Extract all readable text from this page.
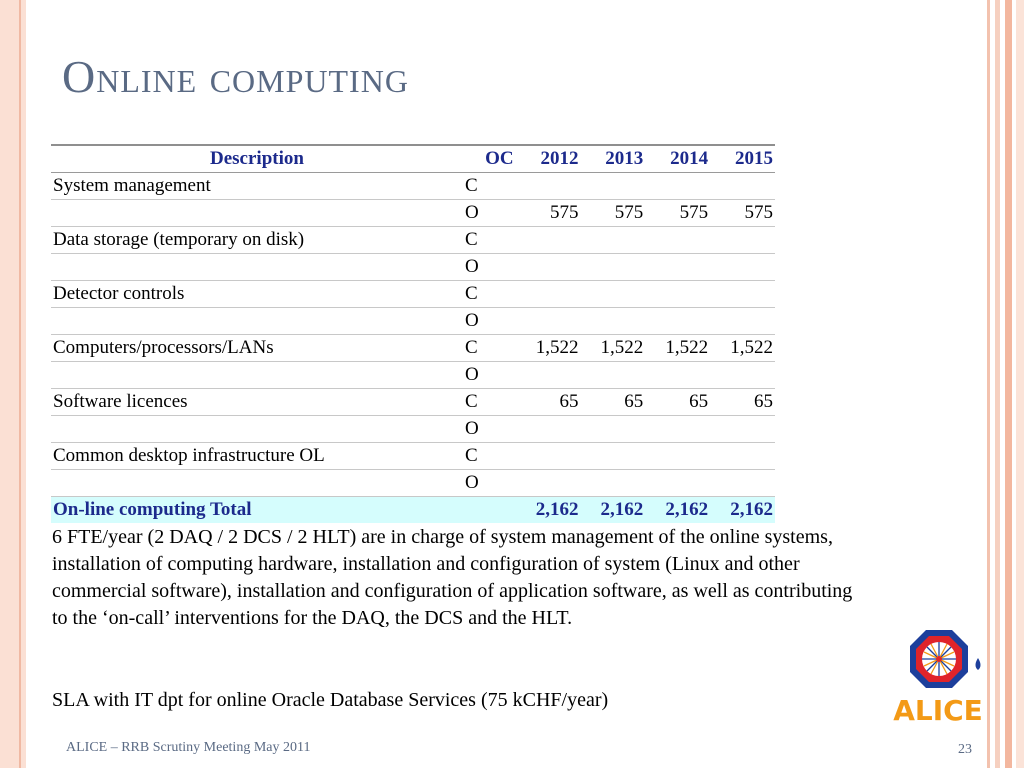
Online computing
Description	OC	2012	2013	2014	2015
System management	C				
	O	575	575	575	575
Data storage (temporary on disk)	C				
	O				
Detector controls	C				
	O				
Computers/processors/LANs	C	1,522	1,522	1,522	1,522
	O				
Software licences	C	65	65	65	65
	O				
Common desktop infrastructure OL	C				
	O				
On-line computing Total		2,162	2,162	2,162	2,162

6 FTE/year (2 DAQ / 2 DCS / 2 HLT) are in charge of system management of the online systems, installation of computing hardware, installation and configuration of system (Linux and other commercial software), installation and configuration of application software, as well as contributing to the ‘on-call’ interventions for the DAQ, the DCS and the HLT.

SLA with IT dpt for online Oracle Database Services (75 kCHF/year)	ALICE
ALICE – RRB Scrutiny Meeting May 2011	23
